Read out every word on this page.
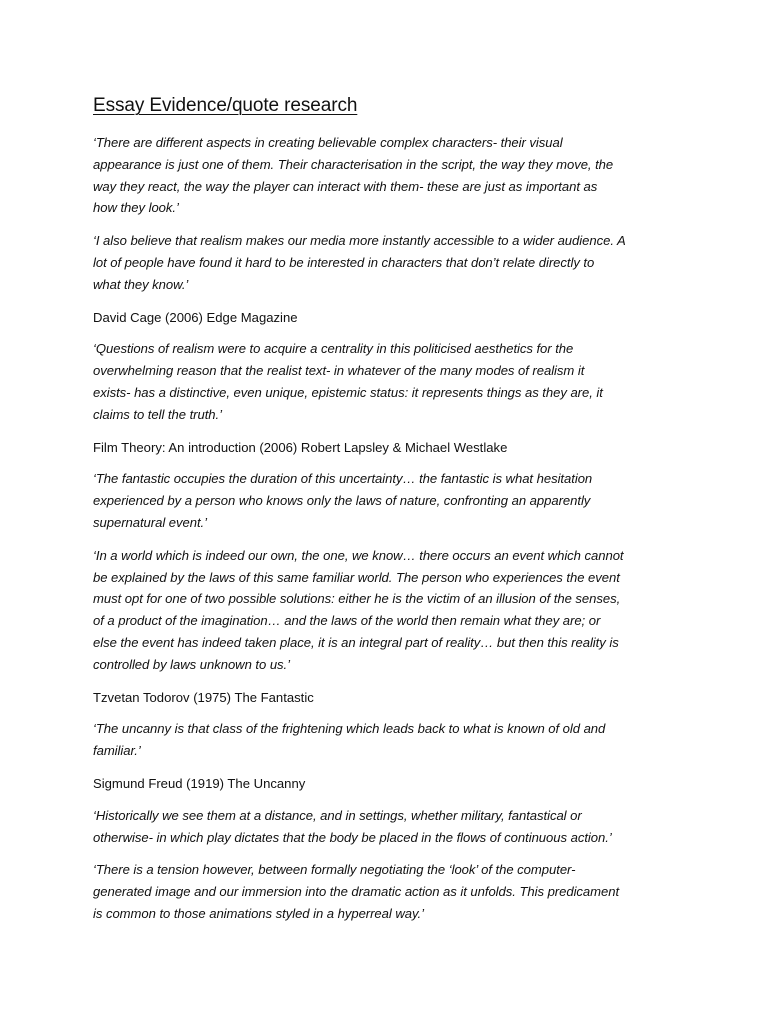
Essay Evidence/quote research
‘There are different aspects in creating believable complex characters- their visual
appearance is just one of them. Their characterisation in the script, the way they move, the
way they react, the way the player can interact with them- these are just as important as
how they look.’
‘I also believe that realism makes our media more instantly accessible to a wider audience. A
lot of people have found it hard to be interested in characters that don’t relate directly to
what they know.’
David Cage (2006) Edge Magazine
‘Questions of realism were to acquire a centrality in this politicised aesthetics for the
overwhelming reason that the realist text- in whatever of the many modes of realism it
exists- has a distinctive, even unique, epistemic status: it represents things as they are, it
claims to tell the truth.’
Film Theory: An introduction (2006) Robert Lapsley & Michael Westlake
‘The fantastic occupies the duration of this uncertainty… the fantastic is what hesitation
experienced by a person who knows only the laws of nature, confronting an apparently
supernatural event.’
‘In a world which is indeed our own, the one, we know… there occurs an event which cannot
be explained by the laws of this same familiar world. The person who experiences the event
must opt for one of two possible solutions: either he is the victim of an illusion of the senses,
of a product of the imagination… and the laws of the world then remain what they are; or
else the event has indeed taken place, it is an integral part of reality… but then this reality is
controlled by laws unknown to us.’
Tzvetan Todorov (1975) The Fantastic
‘The uncanny is that class of the frightening which leads back to what is known of old and
familiar.’
Sigmund Freud (1919) The Uncanny
‘Historically we see them at a distance, and in settings, whether military, fantastical or
otherwise- in which play dictates that the body be placed in the flows of continuous action.’
‘There is a tension however, between formally negotiating the ‘look’ of the computer-
generated image and our immersion into the dramatic action as it unfolds. This predicament
is common to those animations styled in a hyperreal way.’
